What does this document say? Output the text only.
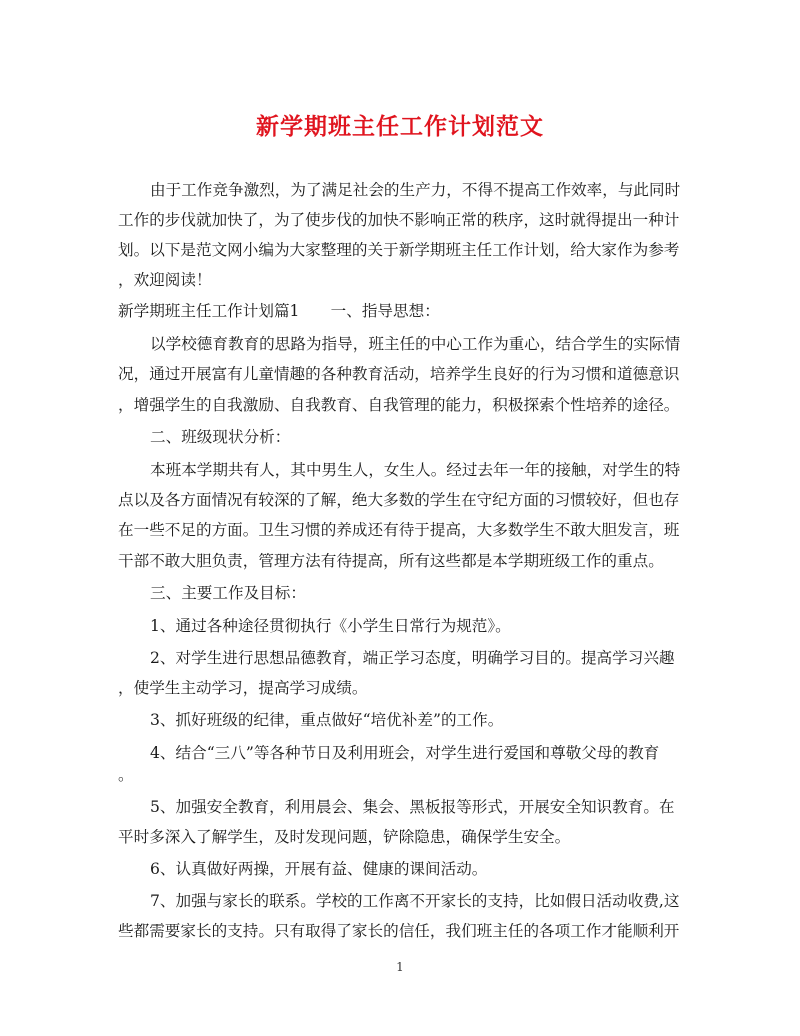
新学期班主任工作计划范文
由于工作竞争激烈，为了满足社会的生产力，不得不提高工作效率，与此同时
工作的步伐就加快了，为了使步伐的加快不影响正常的秩序，这时就得提出一种计
划。以下是范文网小编为大家整理的关于新学期班主任工作计划，给大家作为参考
，欢迎阅读！
新学期班主任工作计划篇1　　一、指导思想：
以学校德育教育的思路为指导，班主任的中心工作为重心，结合学生的实际情
况，通过开展富有儿童情趣的各种教育活动，培养学生良好的行为习惯和道德意识
，增强学生的自我激励、自我教育、自我管理的能力，积极探索个性培养的途径。
二、班级现状分析：
本班本学期共有人，其中男生人，女生人。经过去年一年的接触，对学生的特
点以及各方面情况有较深的了解，绝大多数的学生在守纪方面的习惯较好，但也存
在一些不足的方面。卫生习惯的养成还有待于提高，大多数学生不敢大胆发言，班
干部不敢大胆负责，管理方法有待提高，所有这些都是本学期班级工作的重点。
三、主要工作及目标：
1、通过各种途径贯彻执行《小学生日常行为规范》。
2、对学生进行思想品德教育，端正学习态度，明确学习目的。提高学习兴趣
，使学生主动学习，提高学习成绩。
3、抓好班级的纪律，重点做好“培优补差”的工作。
4、结合“三八”等各种节日及利用班会，对学生进行爱国和尊敬父母的教育
。
5、加强安全教育，利用晨会、集会、黑板报等形式，开展安全知识教育。在
平时多深入了解学生，及时发现问题，铲除隐患，确保学生安全。
6、认真做好两操，开展有益、健康的课间活动。
7、加强与家长的联系。学校的工作离不开家长的支持，比如假日活动收费,这
些都需要家长的支持。只有取得了家长的信任，我们班主任的各项工作才能顺利开
1
